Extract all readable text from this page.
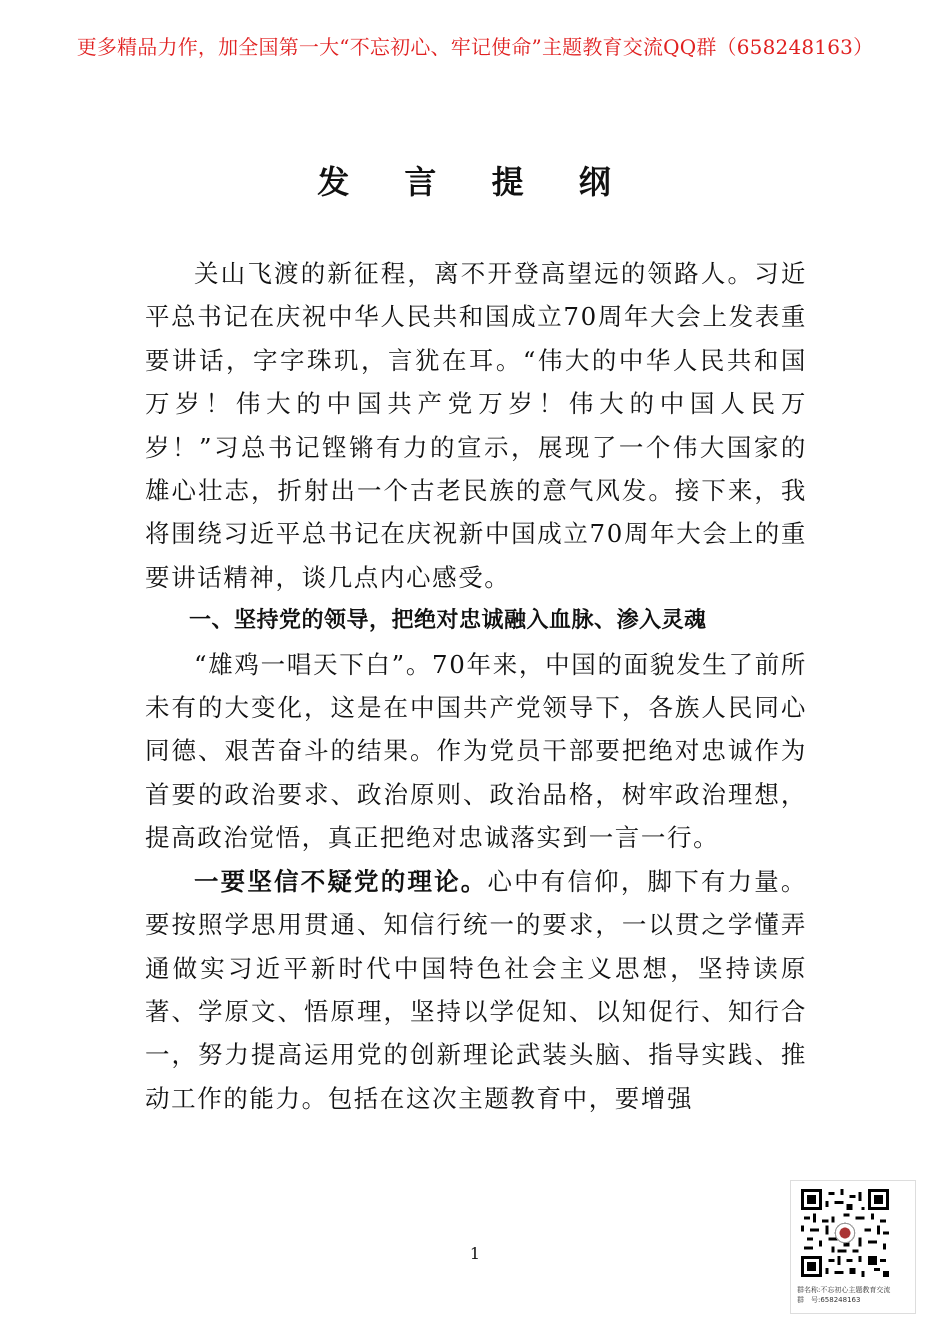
更多精品力作，加全国第一大“不忘初心、牢记使命”主题教育交流QQ群（658248163）
发 言 提 纲

关山飞渡的新征程，离不开登高望远的领路人。习近平总书记在庆祝中华人民共和国成立70周年大会上发表重要讲话，字字珠玑，言犹在耳。“伟大的中华人民共和国万岁！伟大的中国共产党万岁！伟大的中国人民万岁！”习总书记铿锵有力的宣示，展现了一个伟大国家的雄心壮志，折射出一个古老民族的意气风发。接下来，我将围绕习近平总书记在庆祝新中国成立70周年大会上的重要讲话精神，谈几点内心感受。

一、坚持党的领导，把绝对忠诚融入血脉、渗入灵魂

“雄鸡一唱天下白”。70年来，中国的面貌发生了前所未有的大变化，这是在中国共产党领导下，各族人民同心同德、艰苦奋斗的结果。作为党员干部要把绝对忠诚作为首要的政治要求、政治原则、政治品格，树牢政治理想，提高政治觉悟，真正把绝对忠诚落实到一言一行。

一要坚信不疑党的理论。心中有信仰，脚下有力量。要按照学思用贯通、知信行统一的要求，一以贯之学懂弄通做实习近平新时代中国特色社会主义思想，坚持读原著、学原文、悟原理，坚持以学促知、以知促行、知行合一，努力提高运用党的创新理论武装头脑、指导实践、推动工作的能力。包括在这次主题教育中，要增强

1
群名称:不忘初心主题教育交流
群　号:658248163
